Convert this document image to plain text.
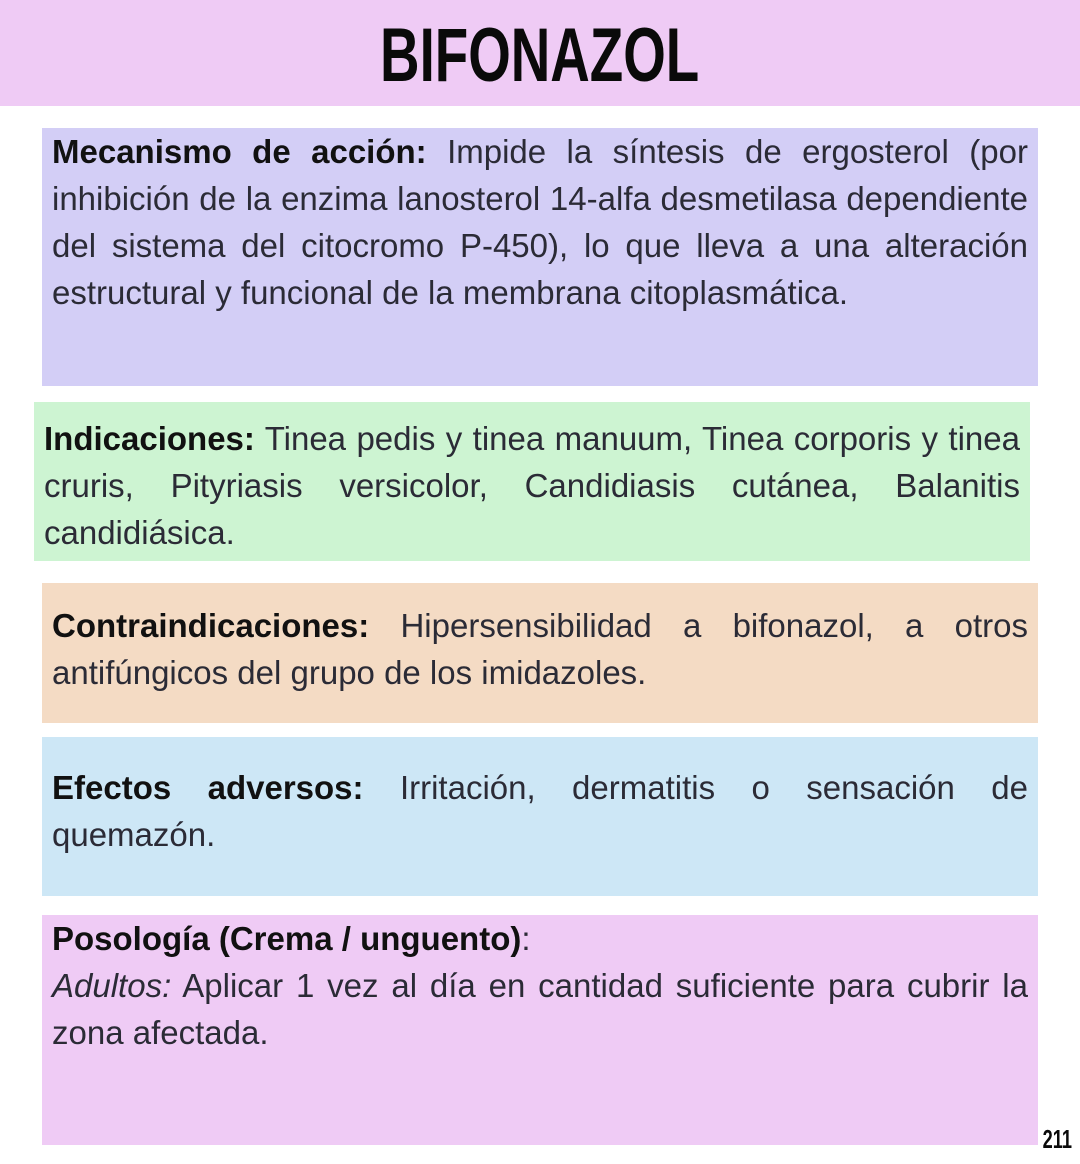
BIFONAZOL
Mecanismo de acción: Impide la síntesis de ergosterol (por inhibición de la enzima lanosterol 14-alfa desmetilasa dependiente del sistema del citocromo P-450), lo que lleva a una alteración estructural y funcional de la membrana citoplasmática.
Indicaciones: Tinea pedis y tinea manuum, Tinea corporis y tinea cruris, Pityriasis versicolor, Candidiasis cutánea, Balanitis candidiásica.
Contraindicaciones: Hipersensibilidad a bifonazol, a otros antifúngicos del grupo de los imidazoles.
Efectos adversos: Irritación, dermatitis o sensación de quemazón.
Posología (Crema / unguento):
Adultos: Aplicar 1 vez al día en cantidad suficiente para cubrir la zona afectada.
211
